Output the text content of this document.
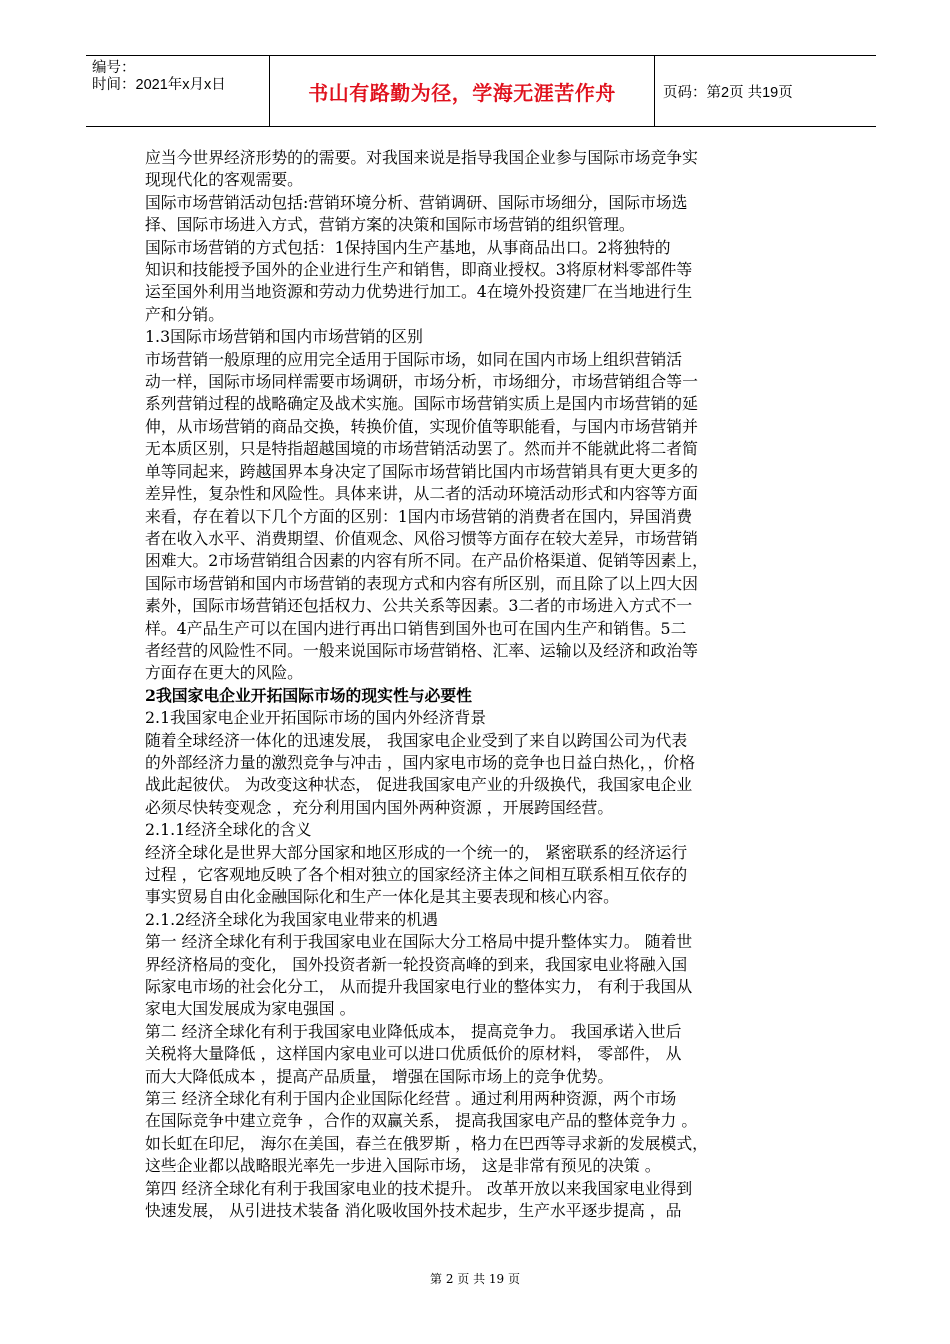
编号：
时间：2021年x月x日	书山有路勤为径，学海无涯苦作舟	页码：第2页 共19页

应当今世界经济形势的的需要。对我国来说是指导我国企业参与国际市场竞争实
现现代化的客观需要。

国际市场营销活动包括:营销环境分析、营销调研、国际市场细分，国际市场选
择、国际市场进入方式，营销方案的决策和国际市场营销的组织管理。

国际市场营销的方式包括：1保持国内生产基地，从事商品出口。2将独特的
知识和技能授予国外的企业进行生产和销售，即商业授权。3将原材料零部件等
运至国外利用当地资源和劳动力优势进行加工。4在境外投资建厂在当地进行生
产和分销。

1.3国际市场营销和国内市场营销的区别

市场营销一般原理的应用完全适用于国际市场，如同在国内市场上组织营销活
动一样，国际市场同样需要市场调研，市场分析，市场细分，市场营销组合等一
系列营销过程的战略确定及战术实施。国际市场营销实质上是国内市场营销的延
伸，从市场营销的商品交换，转换价值，实现价值等职能看，与国内市场营销并
无本质区别，只是特指超越国境的市场营销活动罢了。然而并不能就此将二者简
单等同起来，跨越国界本身决定了国际市场营销比国内市场营销具有更大更多的
差异性，复杂性和风险性。具体来讲，从二者的活动环境活动形式和内容等方面
来看，存在着以下几个方面的区别：1国内市场营销的消费者在国内，异国消费
者在收入水平、消费期望、价值观念、风俗习惯等方面存在较大差异，市场营销
困难大。2市场营销组合因素的内容有所不同。在产品价格渠道、促销等因素上，
国际市场营销和国内市场营销的表现方式和内容有所区别，而且除了以上四大因
素外，国际市场营销还包括权力、公共关系等因素。3二者的市场进入方式不一
样。4产品生产可以在国内进行再出口销售到国外也可在国内生产和销售。5二
者经营的风险性不同。一般来说国际市场营销格、汇率、运输以及经济和政治等
方面存在更大的风险。

2我国家电企业开拓国际市场的现实性与必要性

2.1我国家电企业开拓国际市场的国内外经济背景

随着全球经济一体化的迅速发展， 我国家电企业受到了来自以跨国公司为代表
的外部经济力量的激烈竞争与冲击 ，国内家电市场的竞争也日益白热化，，价格
战此起彼伏。 为改变这种状态， 促进我国家电产业的升级换代，我国家电企业
必须尽快转变观念 ，充分利用国内国外两种资源 ，开展跨国经营。

2.1.1经济全球化的含义

经济全球化是世界大部分国家和地区形成的一个统一的， 紧密联系的经济运行
过程 ，它客观地反映了各个相对独立的国家经济主体之间相互联系相互依存的
事实贸易自由化金融国际化和生产一体化是其主要表现和核心内容。

2.1.2经济全球化为我国家电业带来的机遇

第一 经济全球化有利于我国家电业在国际大分工格局中提升整体实力。 随着世
界经济格局的变化， 国外投资者新一轮投资高峰的到来，我国家电业将融入国
际家电市场的社会化分工， 从而提升我国家电行业的整体实力， 有利于我国从
家电大国发展成为家电强国 。

第二 经济全球化有利于我国家电业降低成本， 提高竞争力。 我国承诺入世后
关税将大量降低 ，这样国内家电业可以进口优质低价的原材料， 零部件， 从
而大大降低成本 ，提高产品质量， 增强在国际市场上的竞争优势。

第三 经济全球化有利于国内企业国际化经营 。通过利用两种资源，两个市场
在国际竞争中建立竞争 ，合作的双赢关系， 提高我国家电产品的整体竞争力 。
如长虹在印尼， 海尔在美国，春兰在俄罗斯 ，格力在巴西等寻求新的发展模式，
这些企业都以战略眼光率先一步进入国际市场， 这是非常有预见的决策 。

第四 经济全球化有利于我国家电业的技术提升。 改革开放以来我国家电业得到
快速发展， 从引进技术装备 消化吸收国外技术起步，生产水平逐步提高 ，品

第 2 页 共 19 页
